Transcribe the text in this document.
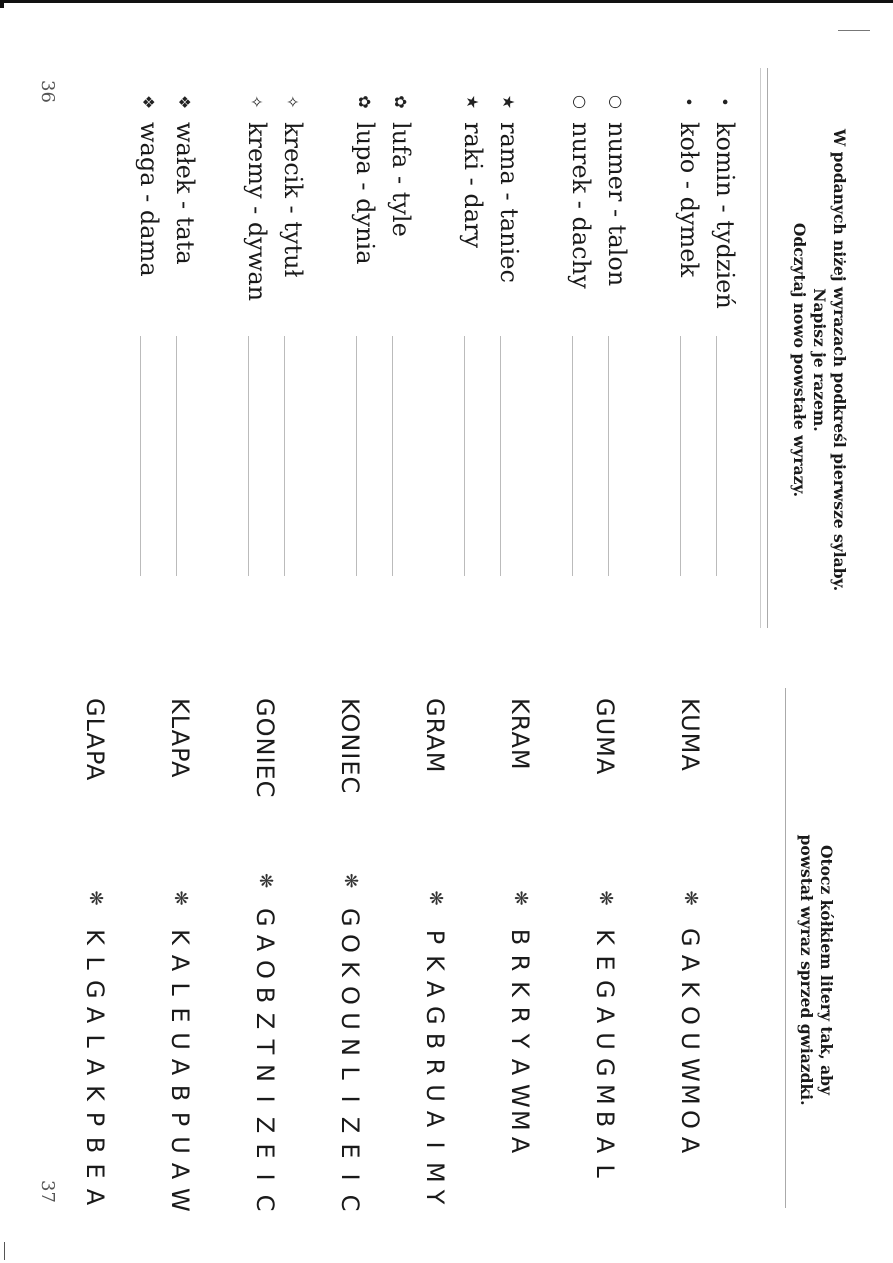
36
37
W podanych niżej wyrazach podkreśl pierwsze sylaby.
Napisz je razem.
Odczytaj nowo powstałe wyrazy.
Otocz kółkiem litery tak, aby
powstał wyraz sprzed gwiazdki.
•
komin - tydzień
•
koło - dymek
○
numer - talon
○
nurek - dachy
★
rama - taniec
★
raki - dary
✿
lufa - tyle
✿
lupa - dynia
✧
krecik - tytuł
✧
kremy - dywan
❖
wałek - tata
❖
waga - dama
KUMA
❋
G
A
K
O
U
W
M
O
A
GUMA
❋
K
E
G
A
U
G
M
B
A
L
KRAM
❋
B
R
K
R
Y
A
W
M
A
GRAM
❋
P
K
A
G
B
R
U
A
I
M
Y
KONIEC
❋
G
O
K
O
U
N
L
I
Z
E
I
C
GONIEC
❋
G
A
O
B
Z
T
N
I
Z
E
I
C
KLAPA
❋
K
A
L
E
U
A
B
P
U
A
W
GLAPA
❋
K
L
G
A
L
A
K
P
B
E
A
